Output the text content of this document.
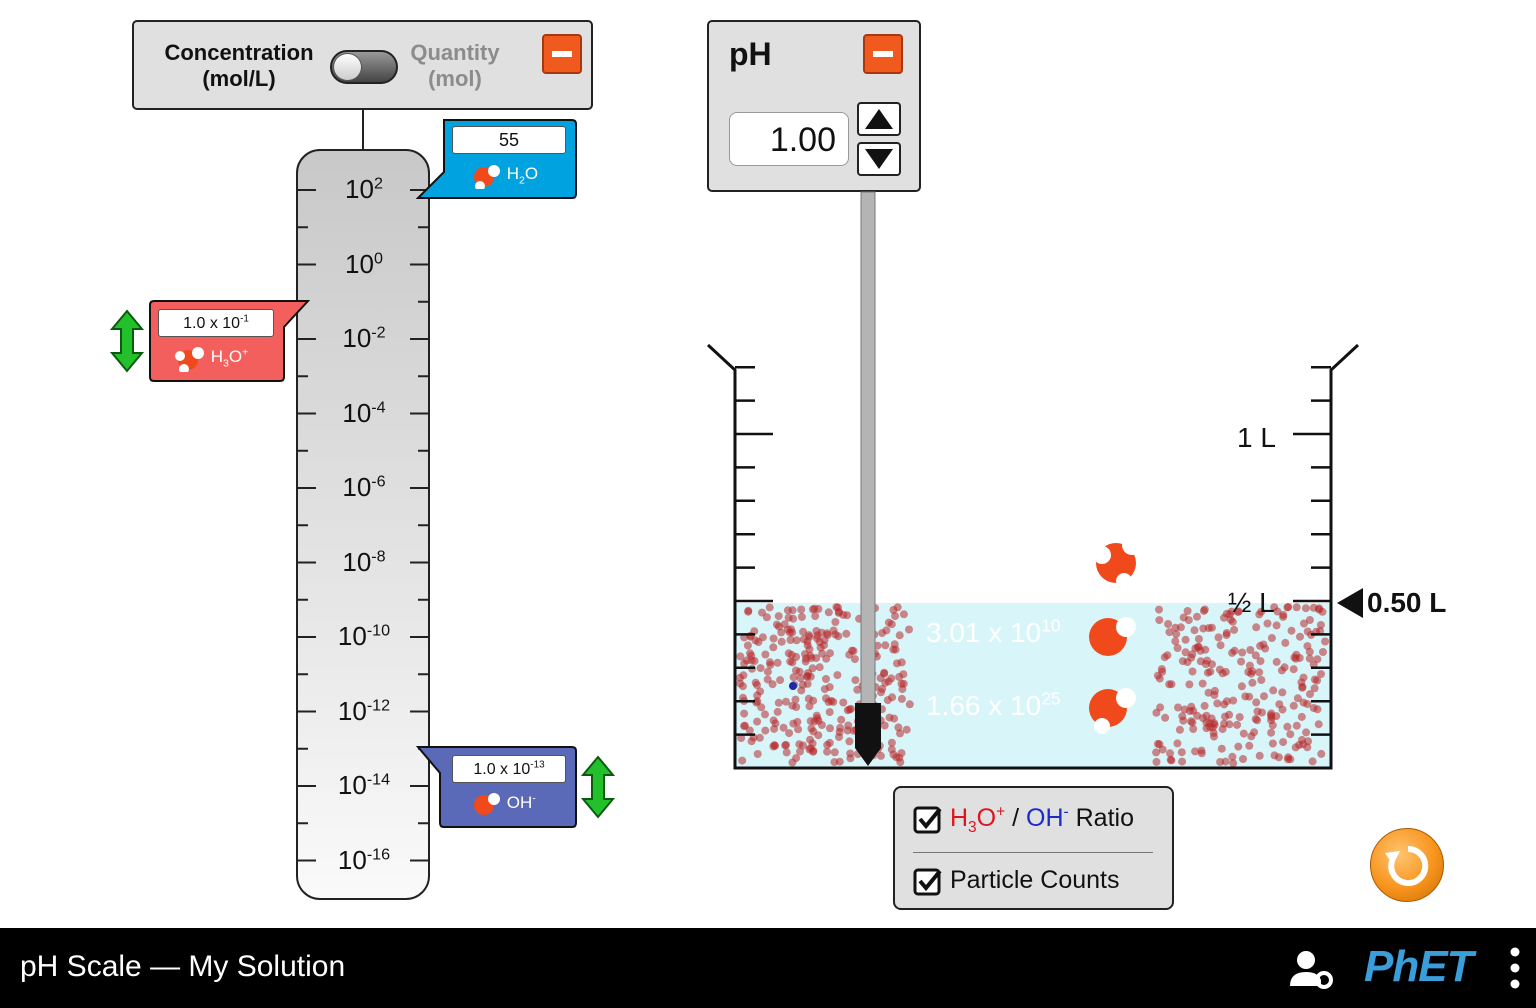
Concentration
(mol/L)
Quantity
(mol)
$10^2$
$10^0$
$10^{-2}$
$10^{-4}$
$10^{-6}$
$10^{-8}$
$10^{-10}$
$10^{-12}$
$10^{-14}$
$10^{-16}$
55
$H_2O$
1.0 x $10^{-1}$
$H_3O^+$
1.0 x $10^{-13}$
OH-
pH
1.00
0.50 L
1 L
½ L
3.01 x $10^{22}$
3.01 x $10^{10}$
1.66 x $10^{25}$
$H_3O^+ / OH^-$ Ratio
Particle Counts
pH Scale — My Solution	PhET
